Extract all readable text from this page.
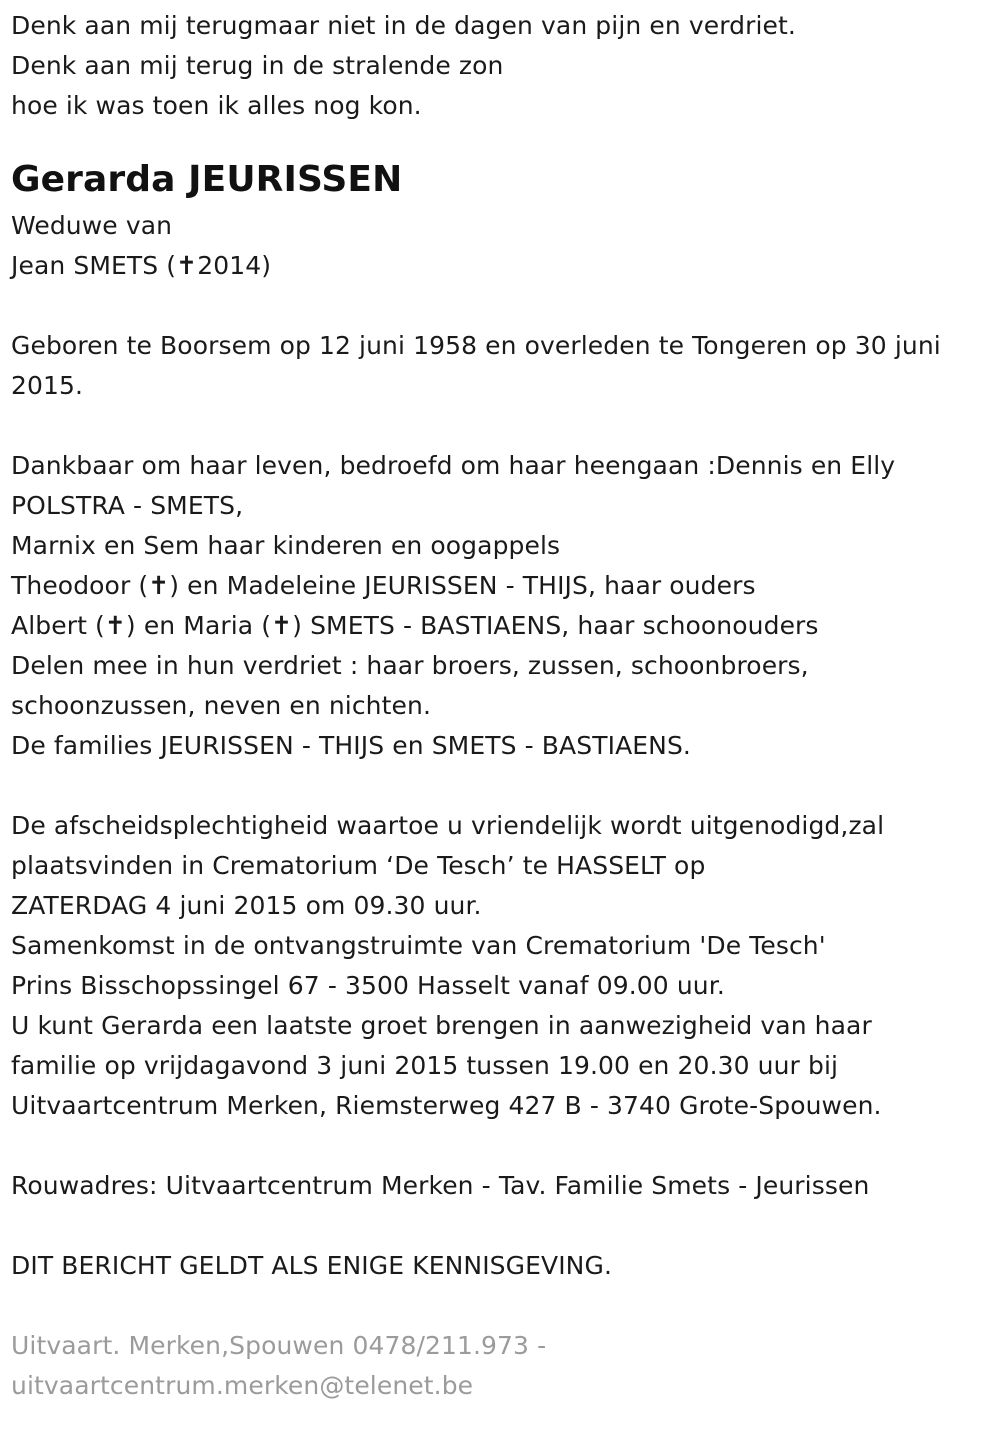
Denk aan mij terugmaar niet in de dagen van pijn en verdriet.
Denk aan mij terug in de stralende zon
hoe ik was toen ik alles nog kon.
Gerarda JEURISSEN
Weduwe van
Jean SMETS (✝2014)
Geboren te Boorsem op 12 juni 1958 en overleden te Tongeren op 30 juni
2015.
Dankbaar om haar leven, bedroefd om haar heengaan :Dennis en Elly
POLSTRA - SMETS,
Marnix en Sem haar kinderen en oogappels
Theodoor (✝) en Madeleine JEURISSEN - THIJS, haar ouders
Albert (✝) en Maria (✝) SMETS - BASTIAENS, haar schoonouders
Delen mee in hun verdriet : haar broers, zussen, schoonbroers,
schoonzussen, neven en nichten.
De families JEURISSEN - THIJS en SMETS - BASTIAENS.
De afscheidsplechtigheid waartoe u vriendelijk wordt uitgenodigd,zal
plaatsvinden in Crematorium ‘De Tesch’ te HASSELT op
ZATERDAG 4 juni 2015 om 09.30 uur.
Samenkomst in de ontvangstruimte van Crematorium 'De Tesch'
Prins Bisschopssingel 67 - 3500 Hasselt vanaf 09.00 uur.
U kunt Gerarda een laatste groet brengen in aanwezigheid van haar
familie op vrijdagavond 3 juni 2015 tussen 19.00 en 20.30 uur bij
Uitvaartcentrum Merken, Riemsterweg 427 B - 3740 Grote-Spouwen.
Rouwadres: Uitvaartcentrum Merken - Tav. Familie Smets - Jeurissen
DIT BERICHT GELDT ALS ENIGE KENNISGEVING.
Uitvaart. Merken,Spouwen 0478/211.973 -
uitvaartcentrum.merken@telenet.be
